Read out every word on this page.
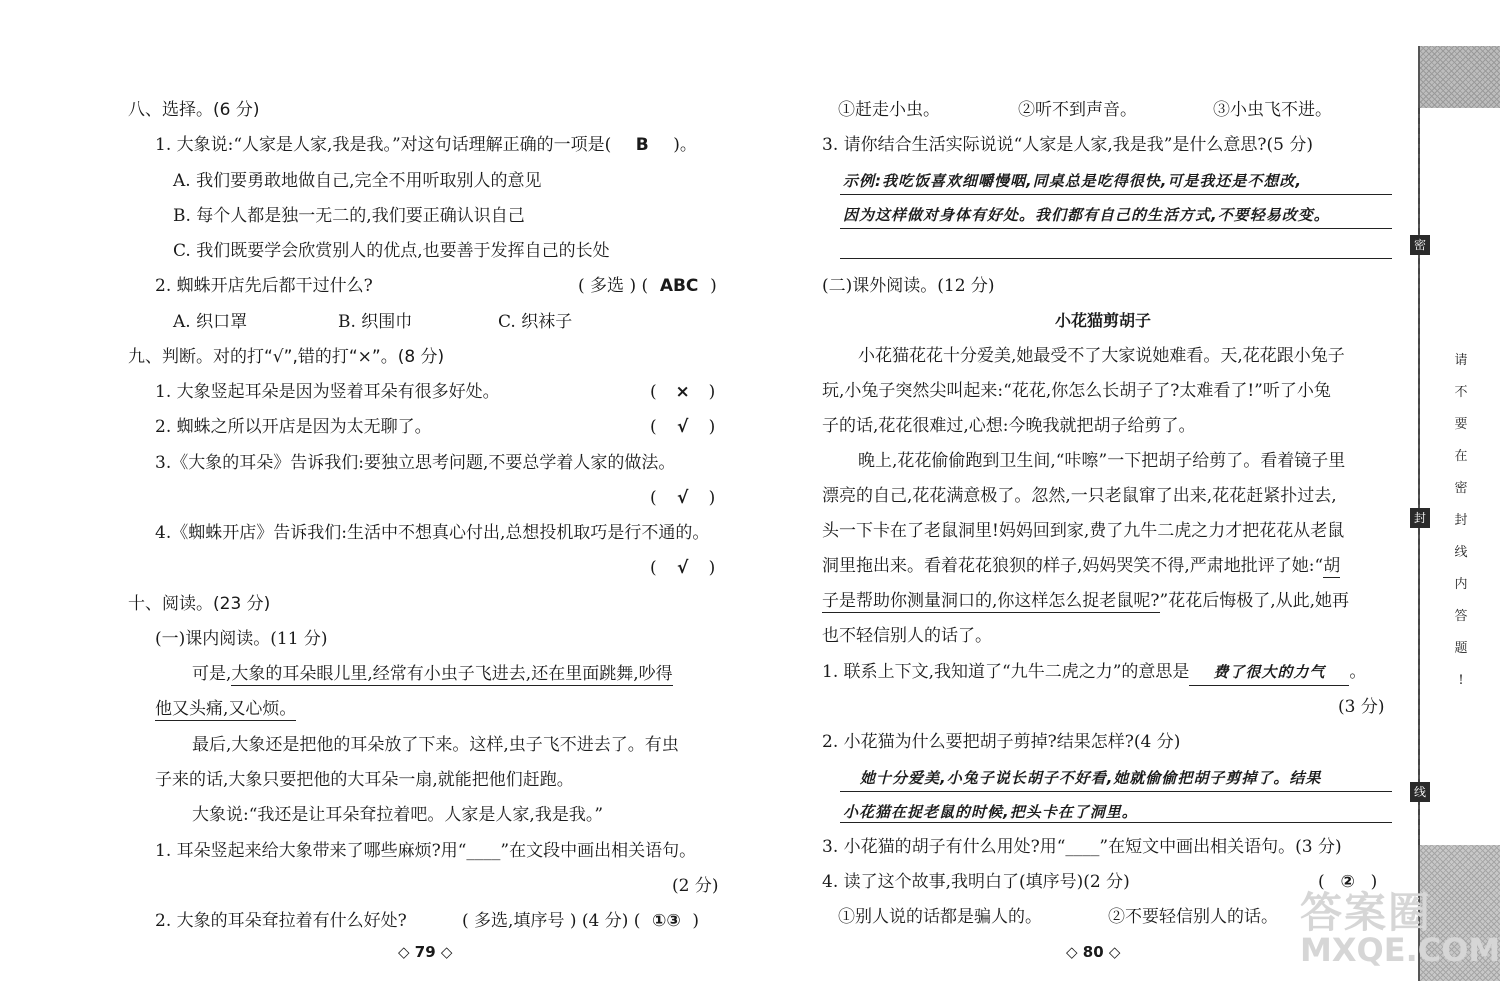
八、选择。(6 分)
1. 大象说:“人家是人家,我是我。”对这句话理解正确的一项是( B )。
A. 我们要勇敢地做自己,完全不用听取别人的意见
B. 每个人都是独一无二的,我们要正确认识自己
C. 我们既要学会欣赏别人的优点,也要善于发挥自己的长处
2. 蜘蛛开店先后都干过什么?	( 多选 ) ( ABC )
A. 织口罩	B. 织围巾	C. 织袜子
九、判断。对的打“√”,错的打“×”。(8 分)
1. 大象竖起耳朵是因为竖着耳朵有很多好处。	( × )
2. 蜘蛛之所以开店是因为太无聊了。	( √ )
3.《大象的耳朵》告诉我们:要独立思考问题,不要总学着人家的做法。
( √ )
4.《蜘蛛开店》告诉我们:生活中不想真心付出,总想投机取巧是行不通的。
( √ )
十、阅读。(23 分)
(一)课内阅读。(11 分)
可是,大象的耳朵眼儿里,经常有小虫子飞进去,还在里面跳舞,吵得
他又头痛,又心烦。
最后,大象还是把他的耳朵放了下来。这样,虫子飞不进去了。有虫
子来的话,大象只要把他的大耳朵一扇,就能把他们赶跑。
大象说:“我还是让耳朵耷拉着吧。人家是人家,我是我。”
1. 耳朵竖起来给大象带来了哪些麻烦?用“____”在文段中画出相关语句。
(2 分)
2. 大象的耳朵耷拉着有什么好处?	( 多选,填序号 ) (4 分) ( ①③ )
◇ 79 ◇
①赶走小虫。	②听不到声音。	③小虫飞不进。
3. 请你结合生活实际说说“人家是人家,我是我”是什么意思?(5 分)
示例:我吃饭喜欢细嚼慢咽,同桌总是吃得很快,可是我还是不想改,
因为这样做对身体有好处。我们都有自己的生活方式,不要轻易改变。
(二)课外阅读。(12 分)
小花猫剪胡子
小花猫花花十分爱美,她最受不了大家说她难看。天,花花跟小兔子
玩,小兔子突然尖叫起来:“花花,你怎么长胡子了?太难看了!”听了小兔
子的话,花花很难过,心想:今晚我就把胡子给剪了。
晚上,花花偷偷跑到卫生间,“咔嚓”一下把胡子给剪了。看着镜子里
漂亮的自己,花花满意极了。忽然,一只老鼠窜了出来,花花赶紧扑过去,
头一下卡在了老鼠洞里!妈妈回到家,费了九牛二虎之力才把花花从老鼠
洞里拖出来。看着花花狼狈的样子,妈妈哭笑不得,严肃地批评了她:“胡
子是帮助你测量洞口的,你这样怎么捉老鼠呢?”花花后悔极了,从此,她再
也不轻信别人的话了。
1. 联系上下文,我知道了“九牛二虎之力”的意思是 费了很大的力气 。
(3 分)
2. 小花猫为什么要把胡子剪掉?结果怎样?(4 分)
她十分爱美,小兔子说长胡子不好看,她就偷偷把胡子剪掉了。结果
小花猫在捉老鼠的时候,把头卡在了洞里。
3. 小花猫的胡子有什么用处?用“____”在短文中画出相关语句。(3 分)
4. 读了这个故事,我明白了(填序号)(2 分)	( ② )
①别人说的话都是骗人的。	②不要轻信别人的话。
◇ 80 ◇
密
封
线
请
不
要
在
密
封
线
内
答
题
!
答案圈
MXQE.COM
